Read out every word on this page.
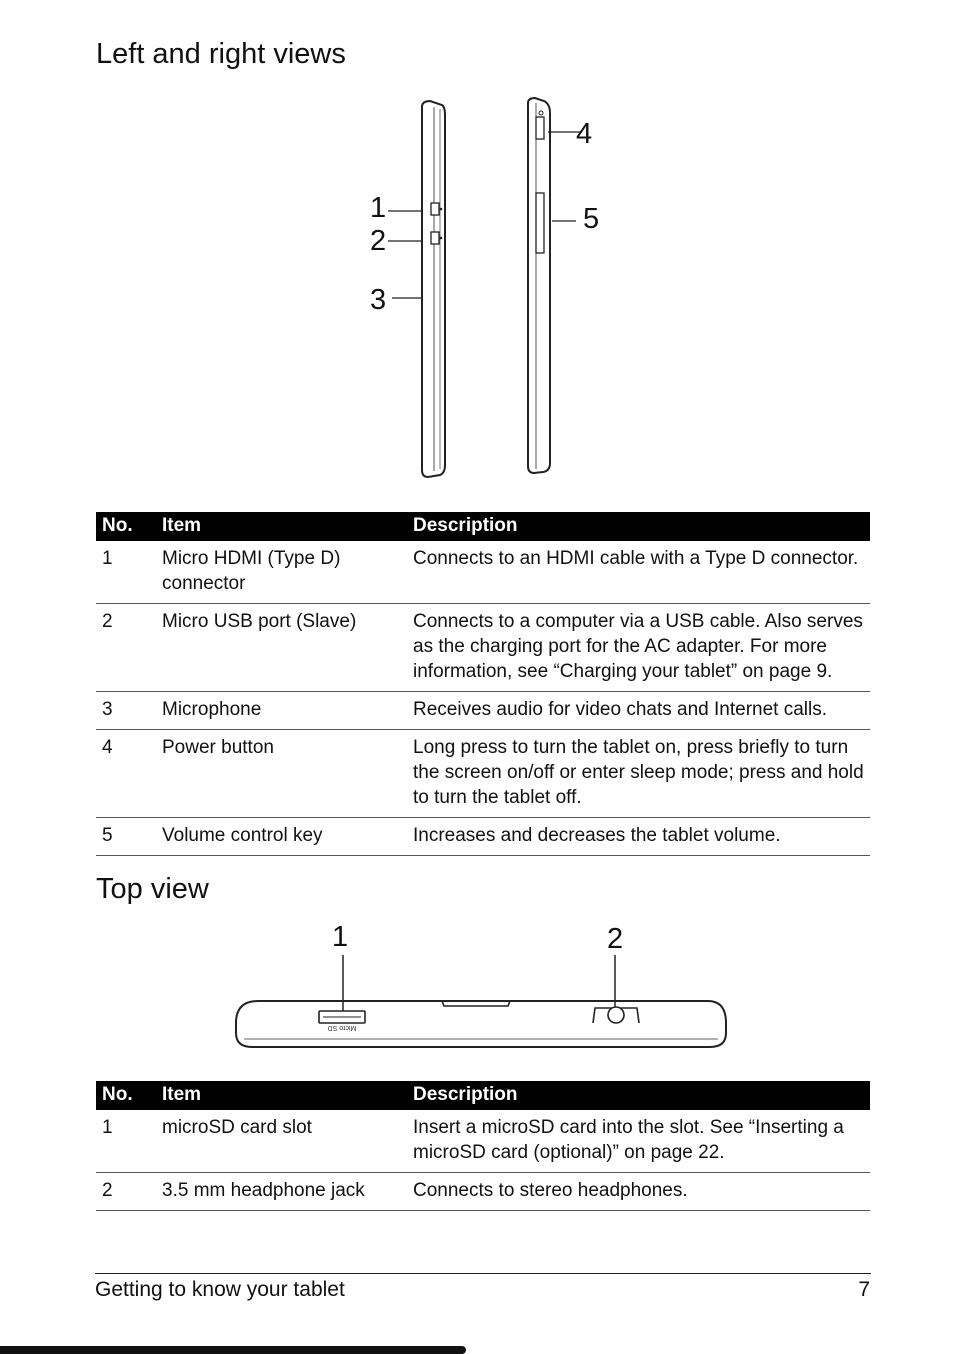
Left and right views
1
2
3
4
5
No.	Item	Description
1	Micro HDMI (Type D) connector	Connects to an HDMI cable with a Type D connector.
2	Micro USB port (Slave)	Connects to a computer via a USB cable. Also serves as the charging port for the AC adapter. For more information, see “Charging your tablet” on page 9.
3	Microphone	Receives audio for video chats and Internet calls.
4	Power button	Long press to turn the tablet on, press briefly to turn the screen on/off or enter sleep mode; press and hold to turn the tablet off.
5	Volume control key	Increases and decreases the tablet volume.
Top view
Micro SD
1	2
No.	Item	Description
1	microSD card slot	Insert a microSD card into the slot. See “Inserting a microSD card (optional)” on page 22.
2	3.5 mm headphone jack	Connects to stereo headphones.
Getting to know your tablet	7
